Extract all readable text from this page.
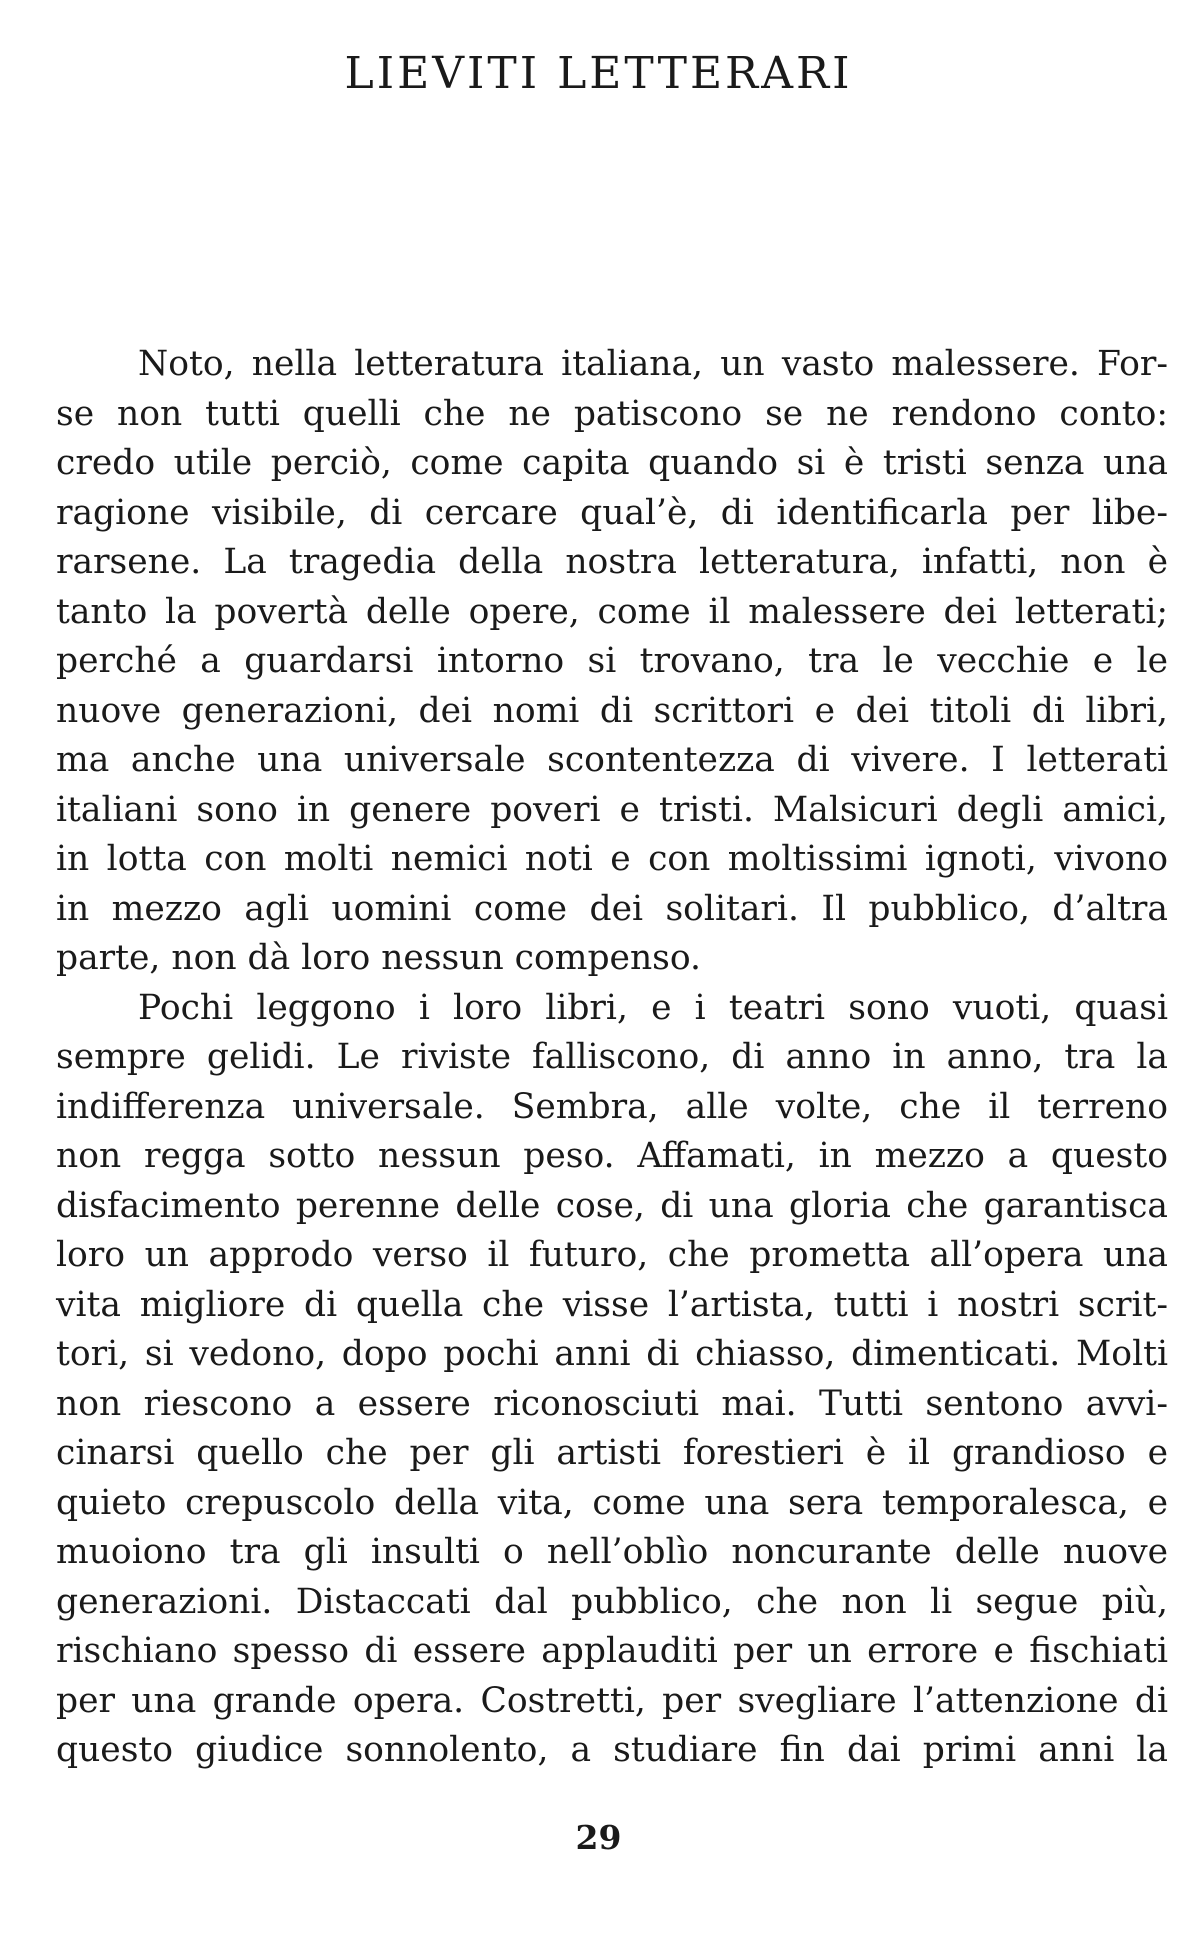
LIEVITI LETTERARI
Noto, nella letteratura italiana, un vasto malessere. For-
se non tutti quelli che ne patiscono se ne rendono conto:
credo utile perciò, come capita quando si è tristi senza una
ragione visibile, di cercare qual’è, di identificarla per libe-
rarsene. La tragedia della nostra letteratura, infatti, non è
tanto la povertà delle opere, come il malessere dei letterati;
perché a guardarsi intorno si trovano, tra le vecchie e le
nuove generazioni, dei nomi di scrittori e dei titoli di libri,
ma anche una universale scontentezza di vivere. I letterati
italiani sono in genere poveri e tristi. Malsicuri degli amici,
in lotta con molti nemici noti e con moltissimi ignoti, vivono
in mezzo agli uomini come dei solitari. Il pubblico, d’altra
parte, non dà loro nessun compenso.
Pochi leggono i loro libri, e i teatri sono vuoti, quasi
sempre gelidi. Le riviste falliscono, di anno in anno, tra la
indifferenza universale. Sembra, alle volte, che il terreno
non regga sotto nessun peso. Affamati, in mezzo a questo
disfacimento perenne delle cose, di una gloria che garantisca
loro un approdo verso il futuro, che prometta all’opera una
vita migliore di quella che visse l’artista, tutti i nostri scrit-
tori, si vedono, dopo pochi anni di chiasso, dimenticati. Molti
non riescono a essere riconosciuti mai. Tutti sentono avvi-
cinarsi quello che per gli artisti forestieri è il grandioso e
quieto crepuscolo della vita, come una sera temporalesca, e
muoiono tra gli insulti o nell’oblìo noncurante delle nuove
generazioni. Distaccati dal pubblico, che non li segue più,
rischiano spesso di essere applauditi per un errore e fischiati
per una grande opera. Costretti, per svegliare l’attenzione di
questo giudice sonnolento, a studiare fin dai primi anni la
29
